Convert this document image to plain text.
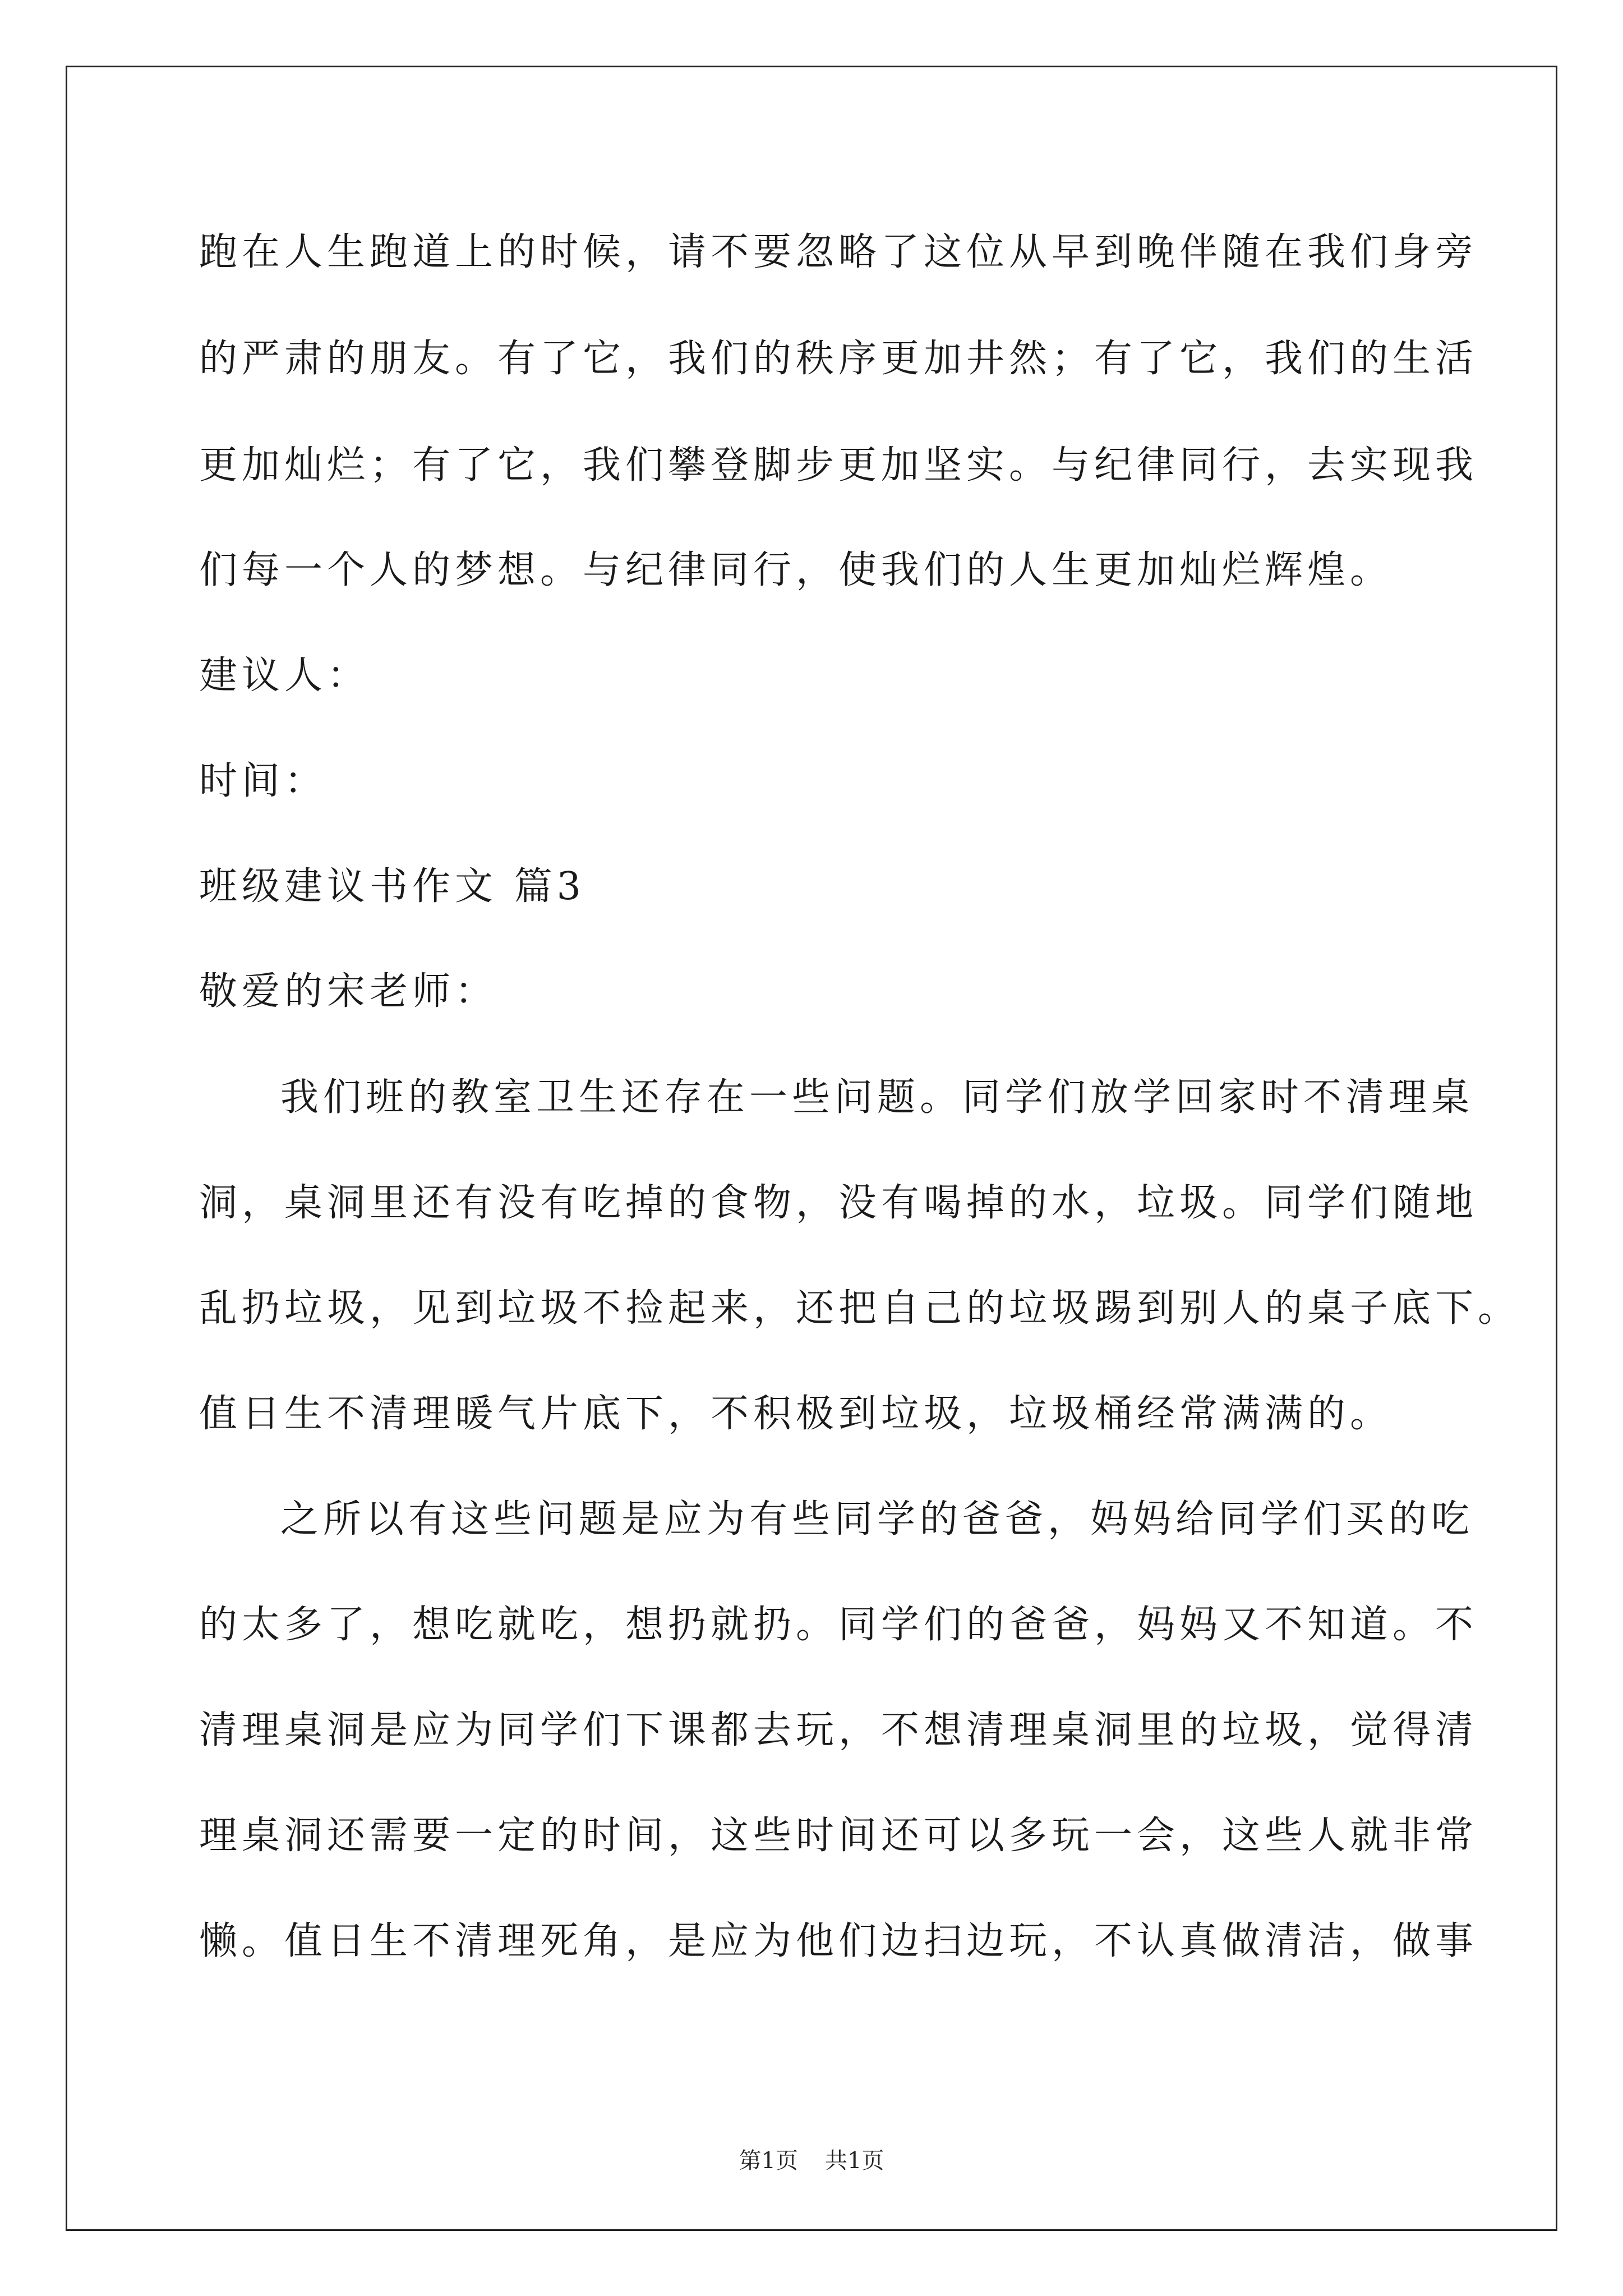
跑在人生跑道上的时候，请不要忽略了这位从早到晚伴随在我们身旁
的严肃的朋友。有了它，我们的秩序更加井然；有了它，我们的生活
更加灿烂；有了它，我们攀登脚步更加坚实。与纪律同行，去实现我
们每一个人的梦想。与纪律同行，使我们的人生更加灿烂辉煌。
建议人：
时间：
班级建议书作文 篇3
敬爱的宋老师：
我们班的教室卫生还存在一些问题。同学们放学回家时不清理桌
洞，桌洞里还有没有吃掉的食物，没有喝掉的水，垃圾。同学们随地
乱扔垃圾，见到垃圾不捡起来，还把自己的垃圾踢到别人的桌子底下。
值日生不清理暖气片底下，不积极到垃圾，垃圾桶经常满满的。
之所以有这些问题是应为有些同学的爸爸，妈妈给同学们买的吃
的太多了，想吃就吃，想扔就扔。同学们的爸爸，妈妈又不知道。不
清理桌洞是应为同学们下课都去玩，不想清理桌洞里的垃圾，觉得清
理桌洞还需要一定的时间，这些时间还可以多玩一会，这些人就非常
懒。值日生不清理死角，是应为他们边扫边玩，不认真做清洁，做事
第1页 共1页
